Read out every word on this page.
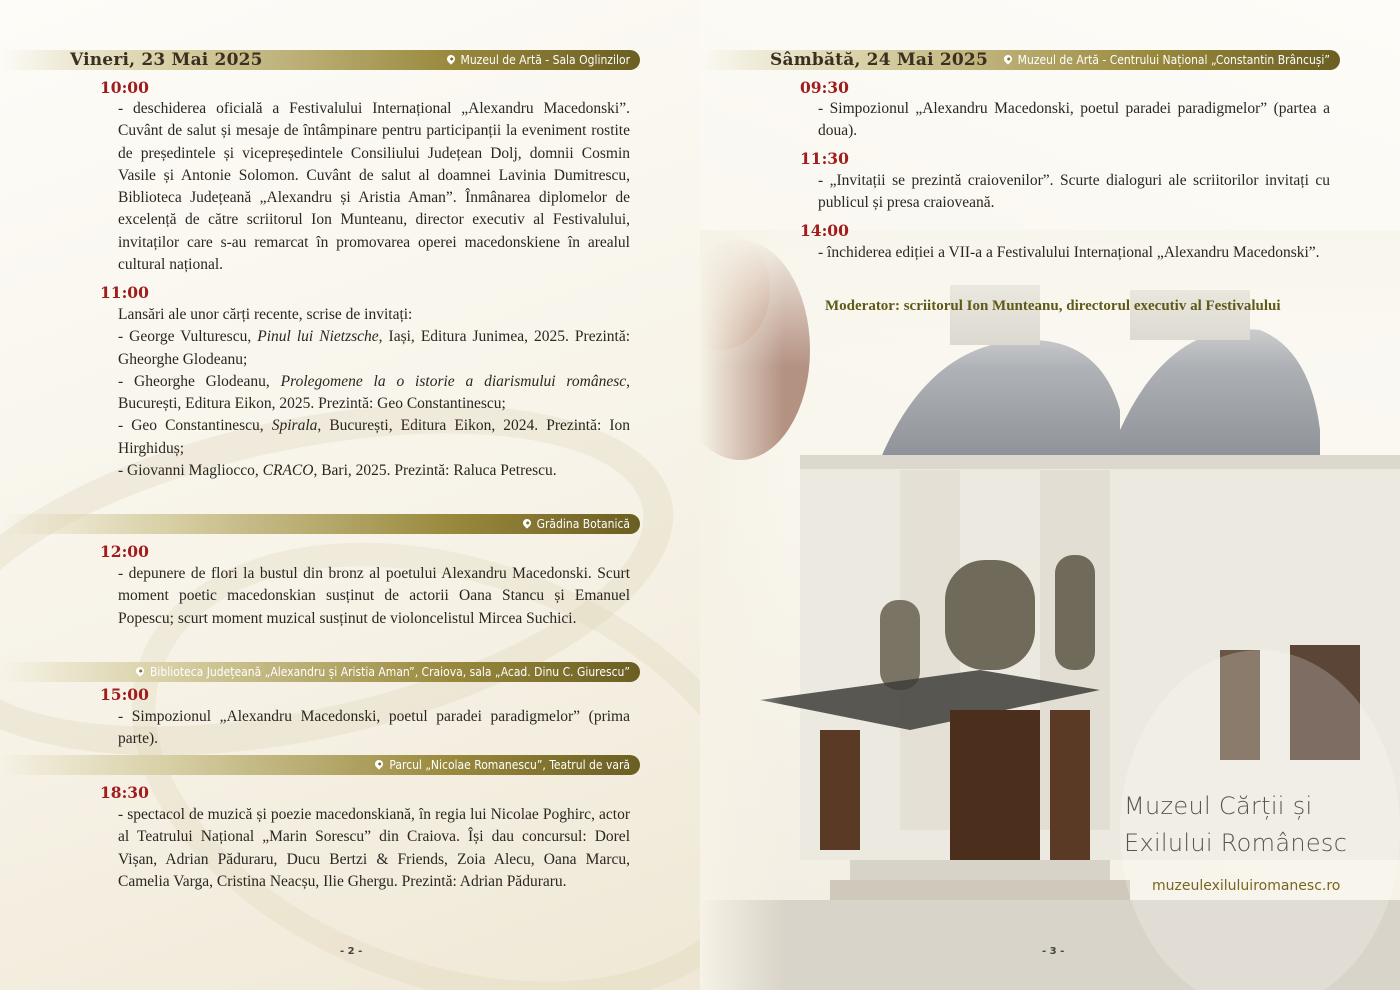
Vineri, 23 Mai 2025	Muzeul de Artă - Sala Oglinzilor
10:00
- deschiderea oficială a Festivalului Internațional „Alexandru Macedonski”. Cuvânt de salut și mesaje de întâmpinare pentru participanții la eveniment rostite de președintele și vicepreședintele Consiliului Județean Dolj, domnii Cosmin Vasile și Antonie Solomon. Cuvânt de salut al doamnei Lavinia Dumitrescu, Biblioteca Județeană „Alexandru și Aristia Aman”. Înmânarea diplomelor de excelență de către scriitorul Ion Munteanu, director executiv al Festivalului, invitaților care s-au remarcat în promovarea operei macedonskiene în arealul cultural național.
11:00

Lansări ale unor cărți recente, scrise de invitați:

- George Vulturescu, Pinul lui Nietzsche, Iași, Editura Junimea, 2025. Prezintă: Gheorghe Glodeanu;

- Gheorghe Glodeanu, Prolegomene la o istorie a diarismului românesc, București, Editura Eikon, 2025. Prezintă: Geo Constantinescu;

- Geo Constantinescu, Spirala, București, Editura Eikon, 2024. Prezintă: Ion Hirghiduș;

- Giovanni Magliocco, CRACO, Bari, 2025. Prezintă: Raluca Petrescu.

Grădina Botanică
12:00
- depunere de flori la bustul din bronz al poetului Alexandru Macedonski. Scurt moment poetic macedonskian susținut de actorii Oana Stancu și Emanuel Popescu; scurt moment muzical susținut de violoncelistul Mircea Suchici.
Biblioteca Județeană „Alexandru și Aristia Aman”, Craiova, sala „Acad. Dinu C. Giurescu”
15:00
- Simpozionul „Alexandru Macedonski, poetul paradei paradigmelor” (prima parte).
Parcul „Nicolae Romanescu”, Teatrul de vară
18:30
- spectacol de muzică și poezie macedonskiană, în regia lui Nicolae Poghirc, actor al Teatrului Național „Marin Sorescu” din Craiova. Își dau concursul: Dorel Vișan, Adrian Păduraru, Ducu Bertzi & Friends, Zoia Alecu, Oana Marcu, Camelia Varga, Cristina Neacșu, Ilie Ghergu. Prezintă: Adrian Păduraru.
- 2 -
Sâmbătă, 24 Mai 2025 Muzeul de Artă - Centrului Național „Constantin Brâncuși”
09:30
- Simpozionul „Alexandru Macedonski, poetul paradei paradigmelor” (partea a doua).
11:30
- „Invitații se prezintă craiovenilor”. Scurte dialoguri ale scriitorilor invitați cu publicul și presa craioveană.
14:00
- închiderea ediției a VII-a a Festivalului Internațional „Alexandru Macedonski”.
Moderator: scriitorul Ion Munteanu, directorul executiv al Festivalului
Muzeul Cărții și
Exilului Românesc
muzeulexiluluiromanesc.ro
- 3 -
